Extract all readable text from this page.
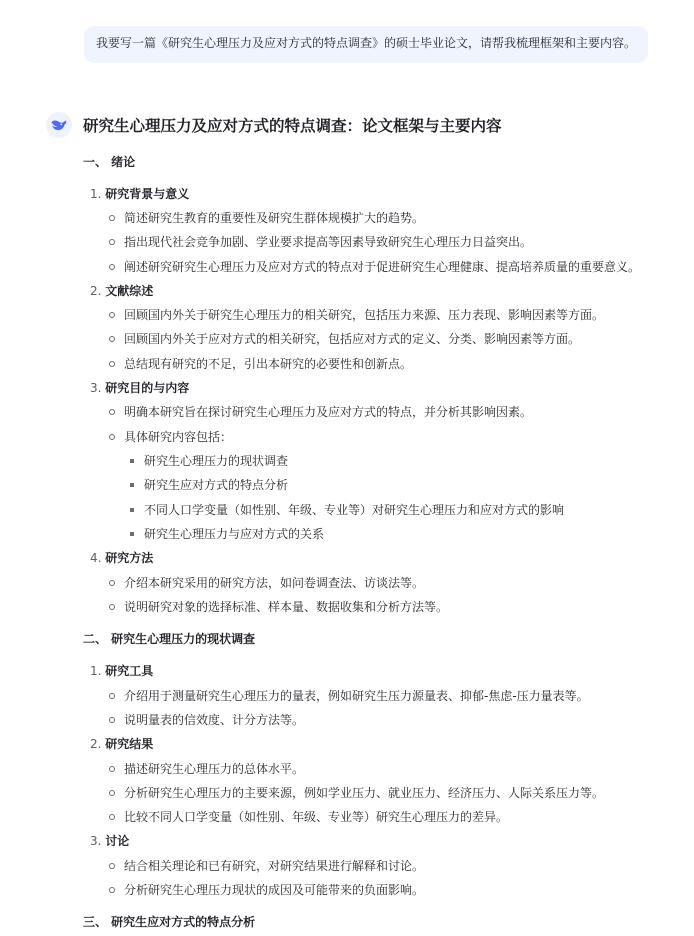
我要写一篇《研究生心理压力及应对方式的特点调查》的硕士毕业论文，请帮我梳理框架和主要内容。
研究生心理压力及应对方式的特点调查：论文框架与主要内容
一、 绪论
1. 研究背景与意义
简述研究生教育的重要性及研究生群体规模扩大的趋势。
指出现代社会竞争加剧、学业要求提高等因素导致研究生心理压力日益突出。
阐述研究研究生心理压力及应对方式的特点对于促进研究生心理健康、提高培养质量的重要意义。
2. 文献综述
回顾国内外关于研究生心理压力的相关研究，包括压力来源、压力表现、影响因素等方面。
回顾国内外关于应对方式的相关研究，包括应对方式的定义、分类、影响因素等方面。
总结现有研究的不足，引出本研究的必要性和创新点。
3. 研究目的与内容
明确本研究旨在探讨研究生心理压力及应对方式的特点，并分析其影响因素。
具体研究内容包括：
研究生心理压力的现状调查
研究生应对方式的特点分析
不同人口学变量（如性别、年级、专业等）对研究生心理压力和应对方式的影响
研究生心理压力与应对方式的关系
4. 研究方法
介绍本研究采用的研究方法，如问卷调查法、访谈法等。
说明研究对象的选择标准、样本量、数据收集和分析方法等。
二、 研究生心理压力的现状调查
1. 研究工具
介绍用于测量研究生心理压力的量表，例如研究生压力源量表、抑郁-焦虑-压力量表等。
说明量表的信效度、计分方法等。
2. 研究结果
描述研究生心理压力的总体水平。
分析研究生心理压力的主要来源，例如学业压力、就业压力、经济压力、人际关系压力等。
比较不同人口学变量（如性别、年级、专业等）研究生心理压力的差异。
3. 讨论
结合相关理论和已有研究，对研究结果进行解释和讨论。
分析研究生心理压力现状的成因及可能带来的负面影响。
三、 研究生应对方式的特点分析
